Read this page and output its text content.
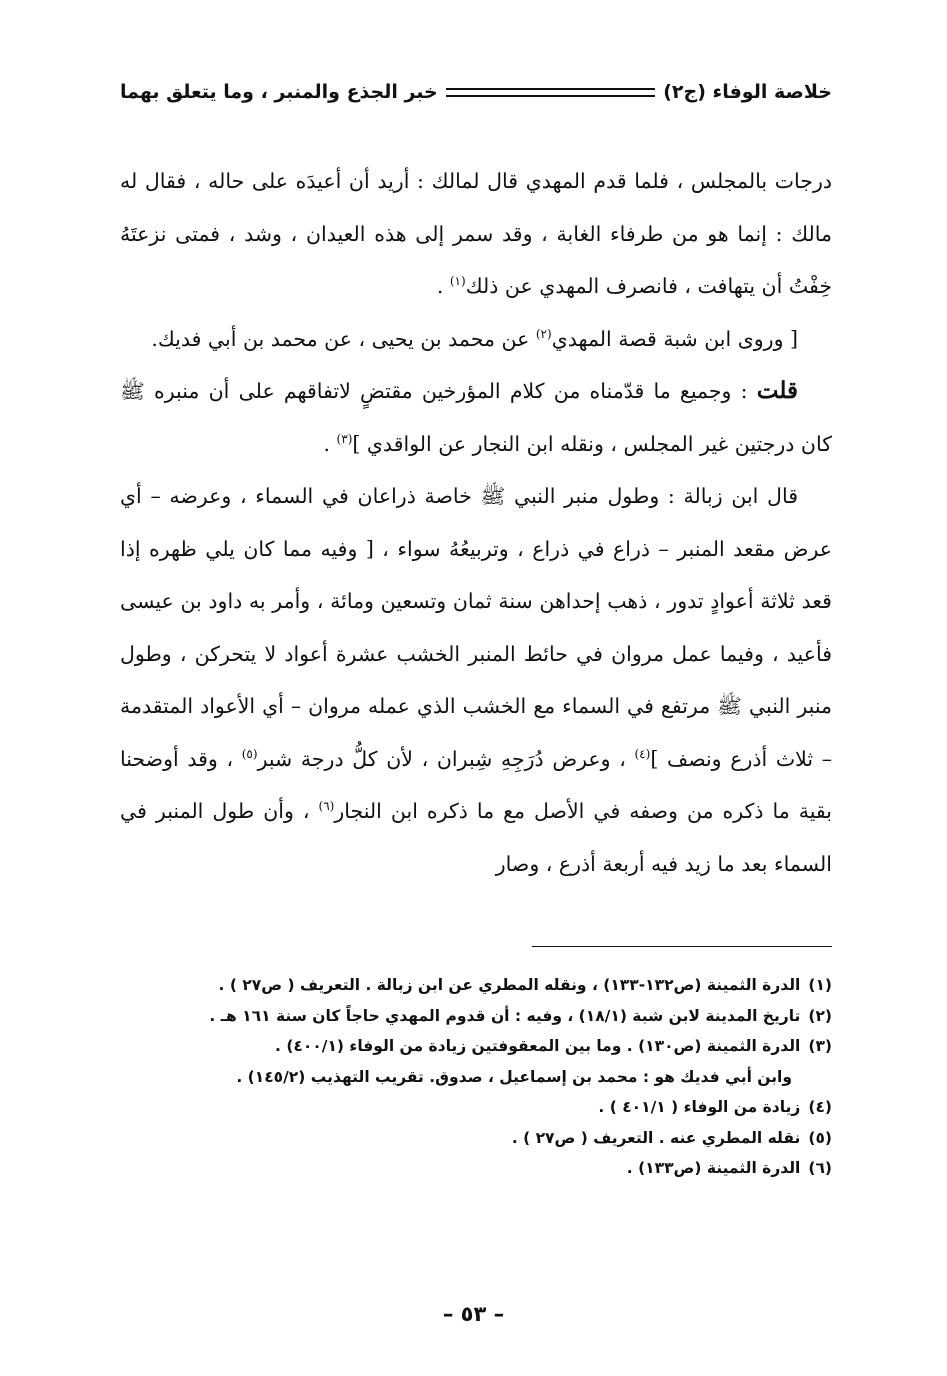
خلاصة الوفاء (ج٢)
خبر الجذع والمنبر ، وما يتعلق بهما

درجات بالمجلس ، فلما قدم المهدي قال لمالك : أريد أن أعيدَه على حاله ، فقال له مالك : إنما هو من طرفاء الغابة ، وقد سمر إلى هذه العيدان ، وشد ، فمتى نزعتَهُ خِفْتُ أن يتهافت ، فانصرف المهدي عن ذلك$^{(١)}$ .

[ وروى ابن شبة قصة المهدي$^{(٢)}$ عن محمد بن يحيى ، عن محمد بن أبي فديك.

قلت : وجميع ما قدّمناه من كلام المؤرخين مقتضٍ لاتفاقهم على أن منبره ﷺ كان درجتين غير المجلس ، ونقله ابن النجار عن الواقدي ]$^{(٣)}$ .

قال ابن زبالة : وطول منبر النبي ﷺ خاصة ذراعان في السماء ، وعرضه – أي عرض مقعد المنبر – ذراع في ذراع ، وتربيعُهُ سواء ، [ وفيه مما كان يلي ظهره إذا قعد ثلاثة أعوادٍ تدور ، ذهب إحداهن سنة ثمان وتسعين ومائة ، وأمر به داود بن عيسى فأعيد ، وفيما عمل مروان في حائط المنبر الخشب عشرة أعواد لا يتحركن ، وطول منبر النبي ﷺ مرتفع في السماء مع الخشب الذي عمله مروان – أي الأعواد المتقدمة – ثلاث أذرع ونصف ]$^{(٤)}$ ، وعرض دُرَجِهِ شِبران ، لأن كلُّ درجة شبر$^{(٥)}$ ، وقد أوضحنا بقية ما ذكره من وصفه في الأصل مع ما ذكره ابن النجار$^{(٦)}$ ، وأن طول المنبر في السماء بعد ما زيد فيه أربعة أذرع ، وصار

(١)الدرة الثمينة (ص١٣٢-١٣٣) ، ونقله المطري عن ابن زبالة . التعريف ( ص٢٧ ) .

(٢)تاريخ المدينة لابن شبة (١٨/١) ، وفيه : أن قدوم المهدي حاجاً كان سنة ١٦١ هـ .

(٣)الدرة الثمينة (ص١٣٠) . وما بين المعقوفتين زيادة من الوفاء (٤٠٠/١) .

وابن أبي فديك هو : محمد بن إسماعيل ، صدوق. تقريب التهذيب (١٤٥/٢) .

(٤)زيادة من الوفاء ( ٤٠١/١ ) .

(٥)نقله المطري عنه . التعريف ( ص٢٧ ) .

(٦)الدرة الثمينة (ص١٣٣) .

– ٥٣ –
